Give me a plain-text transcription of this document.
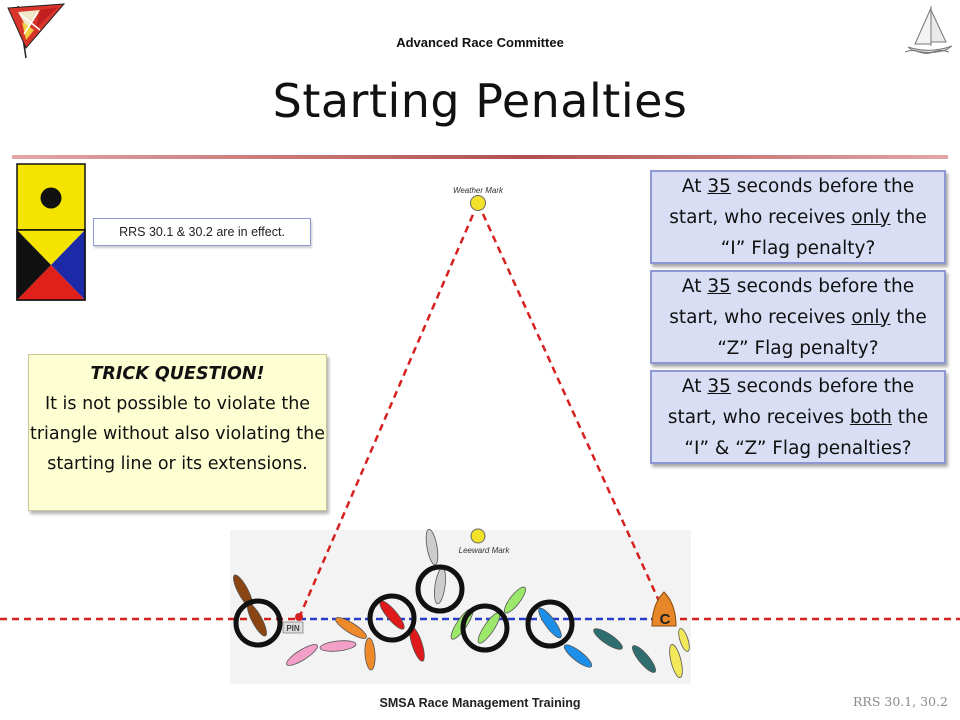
Advanced Race Committee
Starting Penalties
Weather Mark
Leeward Mark
PIN
C
RRS 30.1 & 30.2 are in effect.
At 35 seconds before the start, who receives only the “I” Flag penalty?
At 35 seconds before the start, who receives only the “Z” Flag penalty?
At 35 seconds before the start, who receives both the “I” & “Z” Flag penalties?
TRICK QUESTION!
It is not possible to violate the triangle without also violating the starting line or its extensions.
SMSA Race Management Training	RRS 30.1, 30.2
